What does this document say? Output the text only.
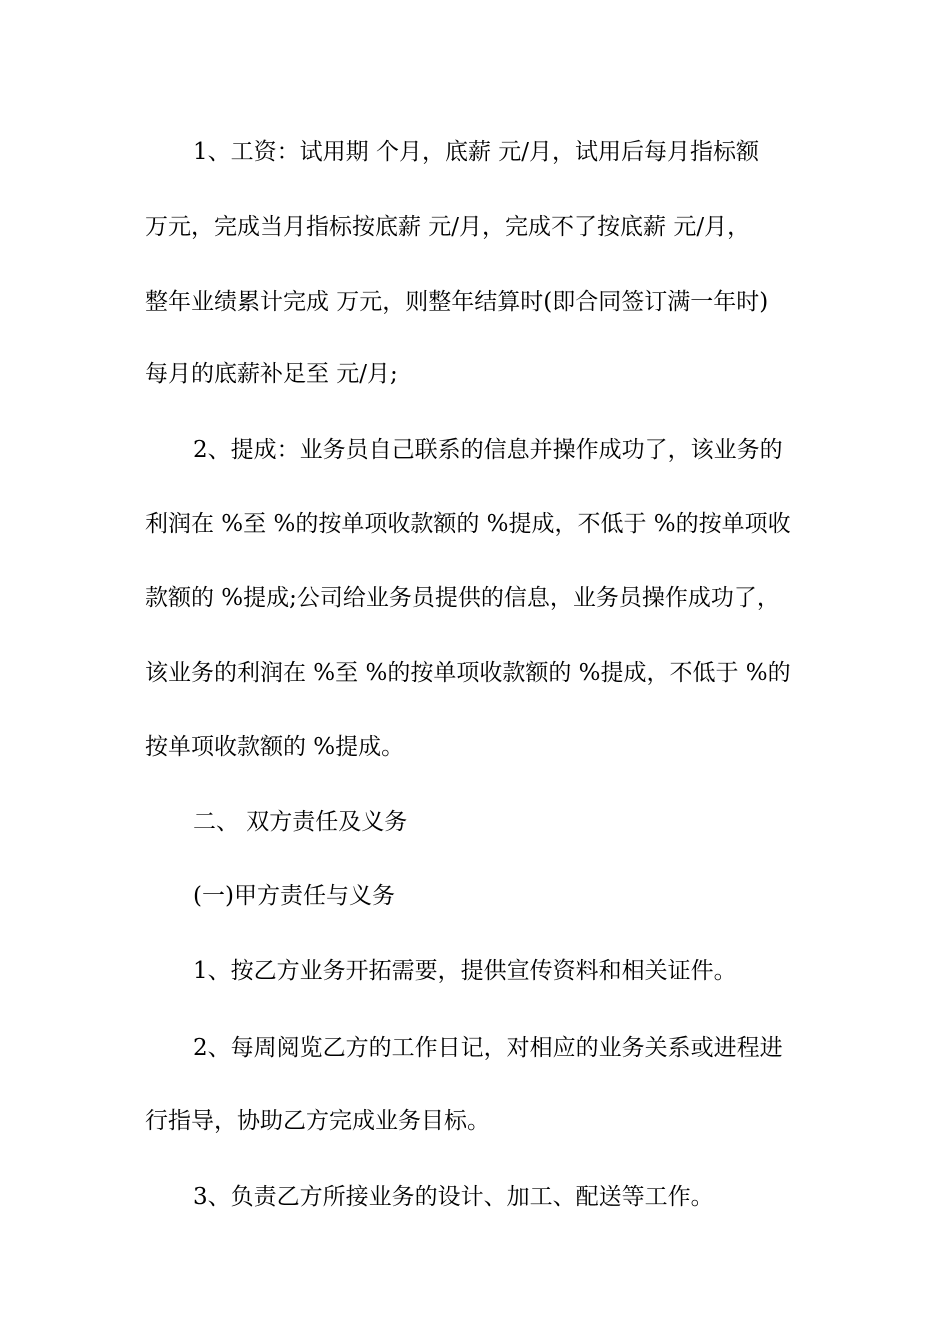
1、工资：试用期 个月，底薪 元/月，试用后每月指标额

万元，完成当月指标按底薪 元/月，完成不了按底薪 元/月，

整年业绩累计完成 万元，则整年结算时(即合同签订满一年时)

每月的底薪补足至 元/月;

2、提成：业务员自己联系的信息并操作成功了，该业务的

利润在 %至 %的按单项收款额的 %提成，不低于 %的按单项收

款额的 %提成;公司给业务员提供的信息，业务员操作成功了，

该业务的利润在 %至 %的按单项收款额的 %提成，不低于 %的

按单项收款额的 %提成。

二、 双方责任及义务

(一)甲方责任与义务

1、按乙方业务开拓需要，提供宣传资料和相关证件。

2、每周阅览乙方的工作日记，对相应的业务关系或进程进

行指导，协助乙方完成业务目标。

3、负责乙方所接业务的设计、加工、配送等工作。
